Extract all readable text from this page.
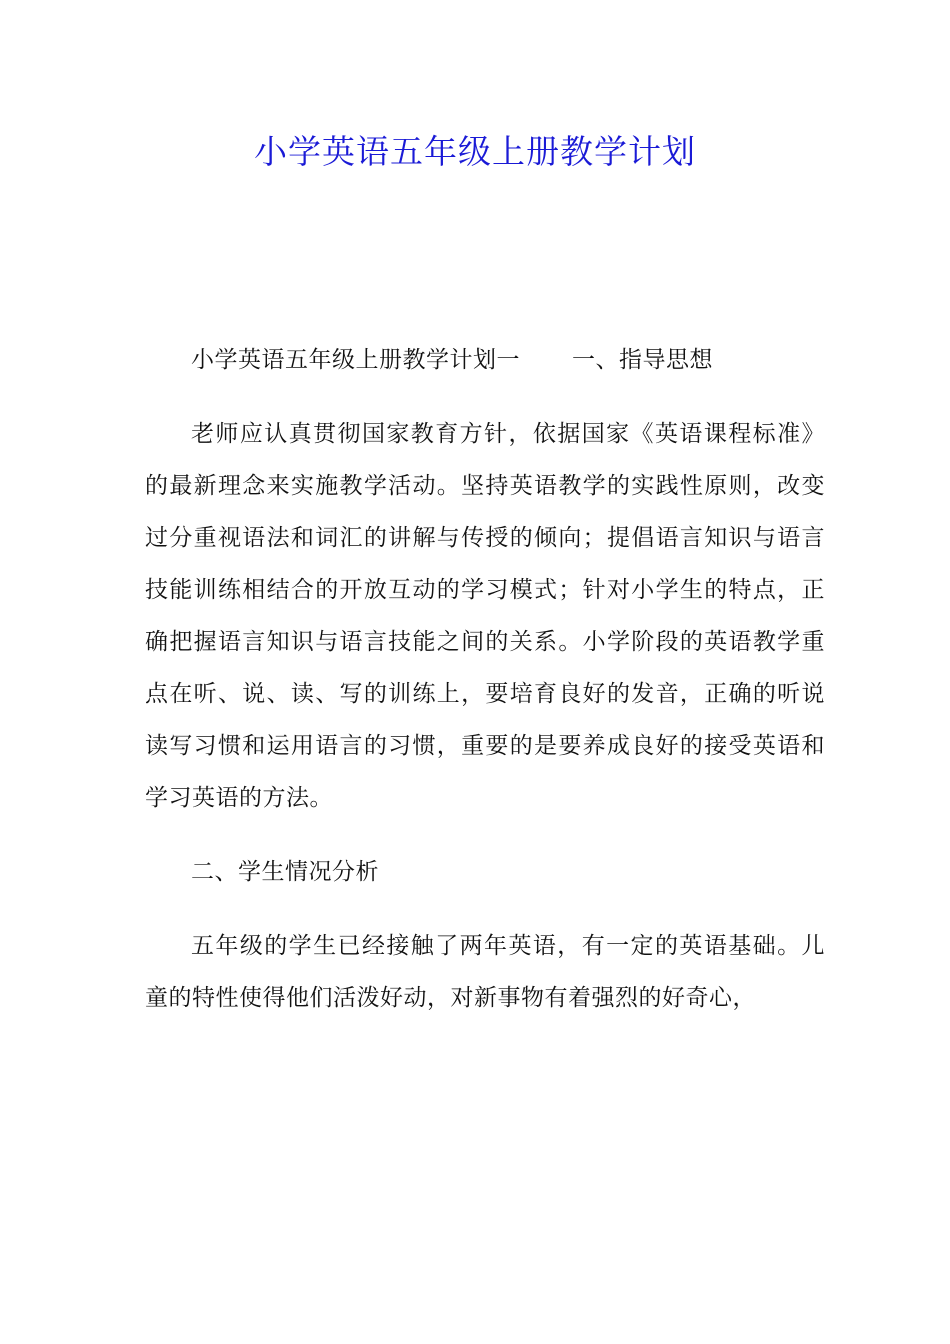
小学英语五年级上册教学计划

小学英语五年级上册教学计划一 一、指导思想

老师应认真贯彻国家教育方针，依据国家《英语课程标准》的最新理念来实施教学活动。坚持英语教学的实践性原则，改变过分重视语法和词汇的讲解与传授的倾向；提倡语言知识与语言技能训练相结合的开放互动的学习模式；针对小学生的特点，正确把握语言知识与语言技能之间的关系。小学阶段的英语教学重点在听、说、读、写的训练上，要培育良好的发音，正确的听说读写习惯和运用语言的习惯，重要的是要养成良好的接受英语和学习英语的方法。

二、学生情况分析

五年级的学生已经接触了两年英语，有一定的英语基础。儿童的特性使得他们活泼好动，对新事物有着强烈的好奇心，
